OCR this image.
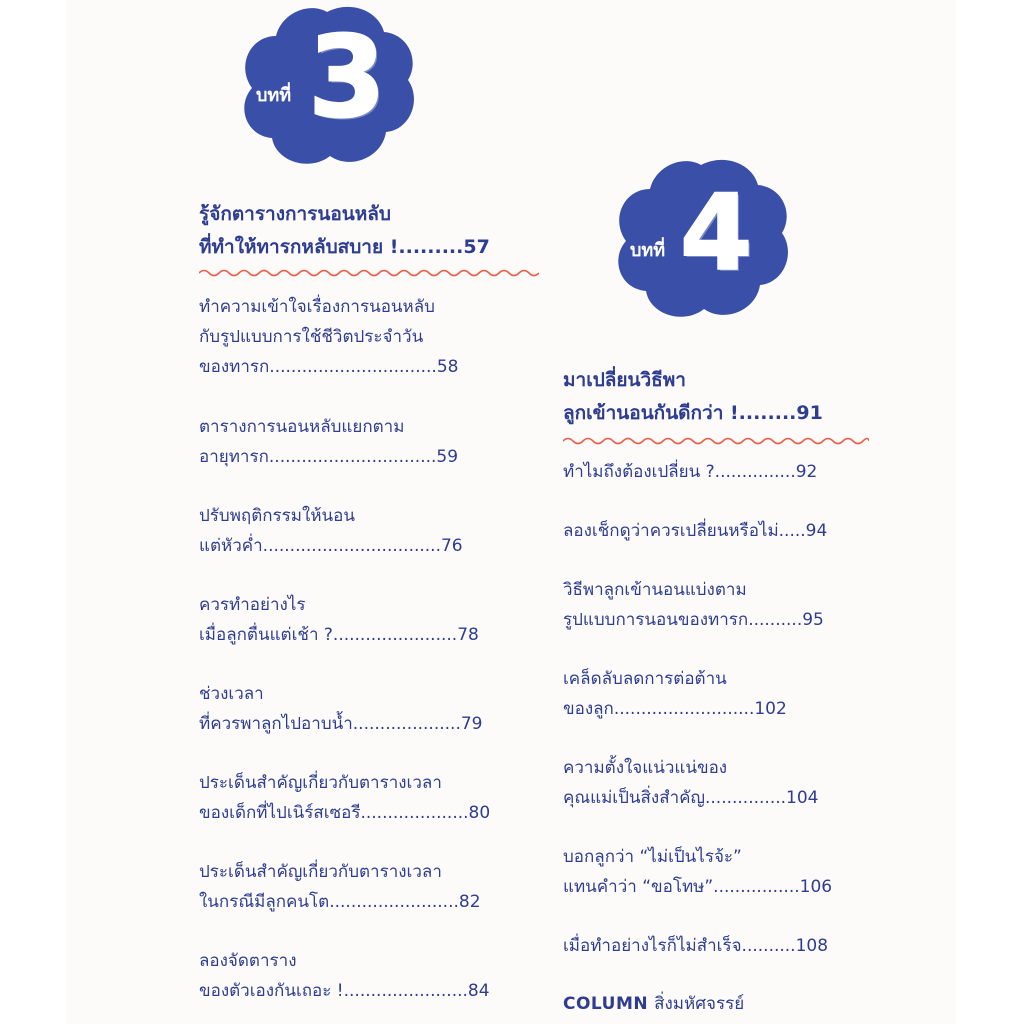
บทที่ 3
รู้จักตารางการนอนหลับ
ที่ทำให้ทารกหลับสบาย !.........57
ทำความเข้าใจเรื่องการนอนหลับ
กับรูปแบบการใช้ชีวิตประจำวัน
ของทารก...............................58
ตารางการนอนหลับแยกตาม
อายุทารก...............................59
ปรับพฤติกรรมให้นอน
แต่หัวค่ำ.................................76
ควรทำอย่างไร
เมื่อลูกตื่นแต่เช้า ?.......................78
ช่วงเวลา
ที่ควรพาลูกไปอาบน้ำ....................79
ประเด็นสำคัญเกี่ยวกับตารางเวลา
ของเด็กที่ไปเนิร์สเซอรี....................80
ประเด็นสำคัญเกี่ยวกับตารางเวลา
ในกรณีมีลูกคนโต........................82
ลองจัดตาราง
ของตัวเองกันเถอะ !.......................84
บทที่ 4
มาเปลี่ยนวิธีพา
ลูกเข้านอนกันดีกว่า !........91
ทำไมถึงต้องเปลี่ยน ?...............92
ลองเช็กดูว่าควรเปลี่ยนหรือไม่.....94
วิธีพาลูกเข้านอนแบ่งตาม
รูปแบบการนอนของทารก..........95
เคล็ดลับลดการต่อต้าน
ของลูก..........................102
ความตั้งใจแน่วแน่ของ
คุณแม่เป็นสิ่งสำคัญ...............104
บอกลูกว่า “ไม่เป็นไรจ้ะ”
แทนคำว่า “ขอโทษ”................106
เมื่อทำอย่างไรก็ไม่สำเร็จ..........108
COLUMN สิ่งมหัศจรรย์
